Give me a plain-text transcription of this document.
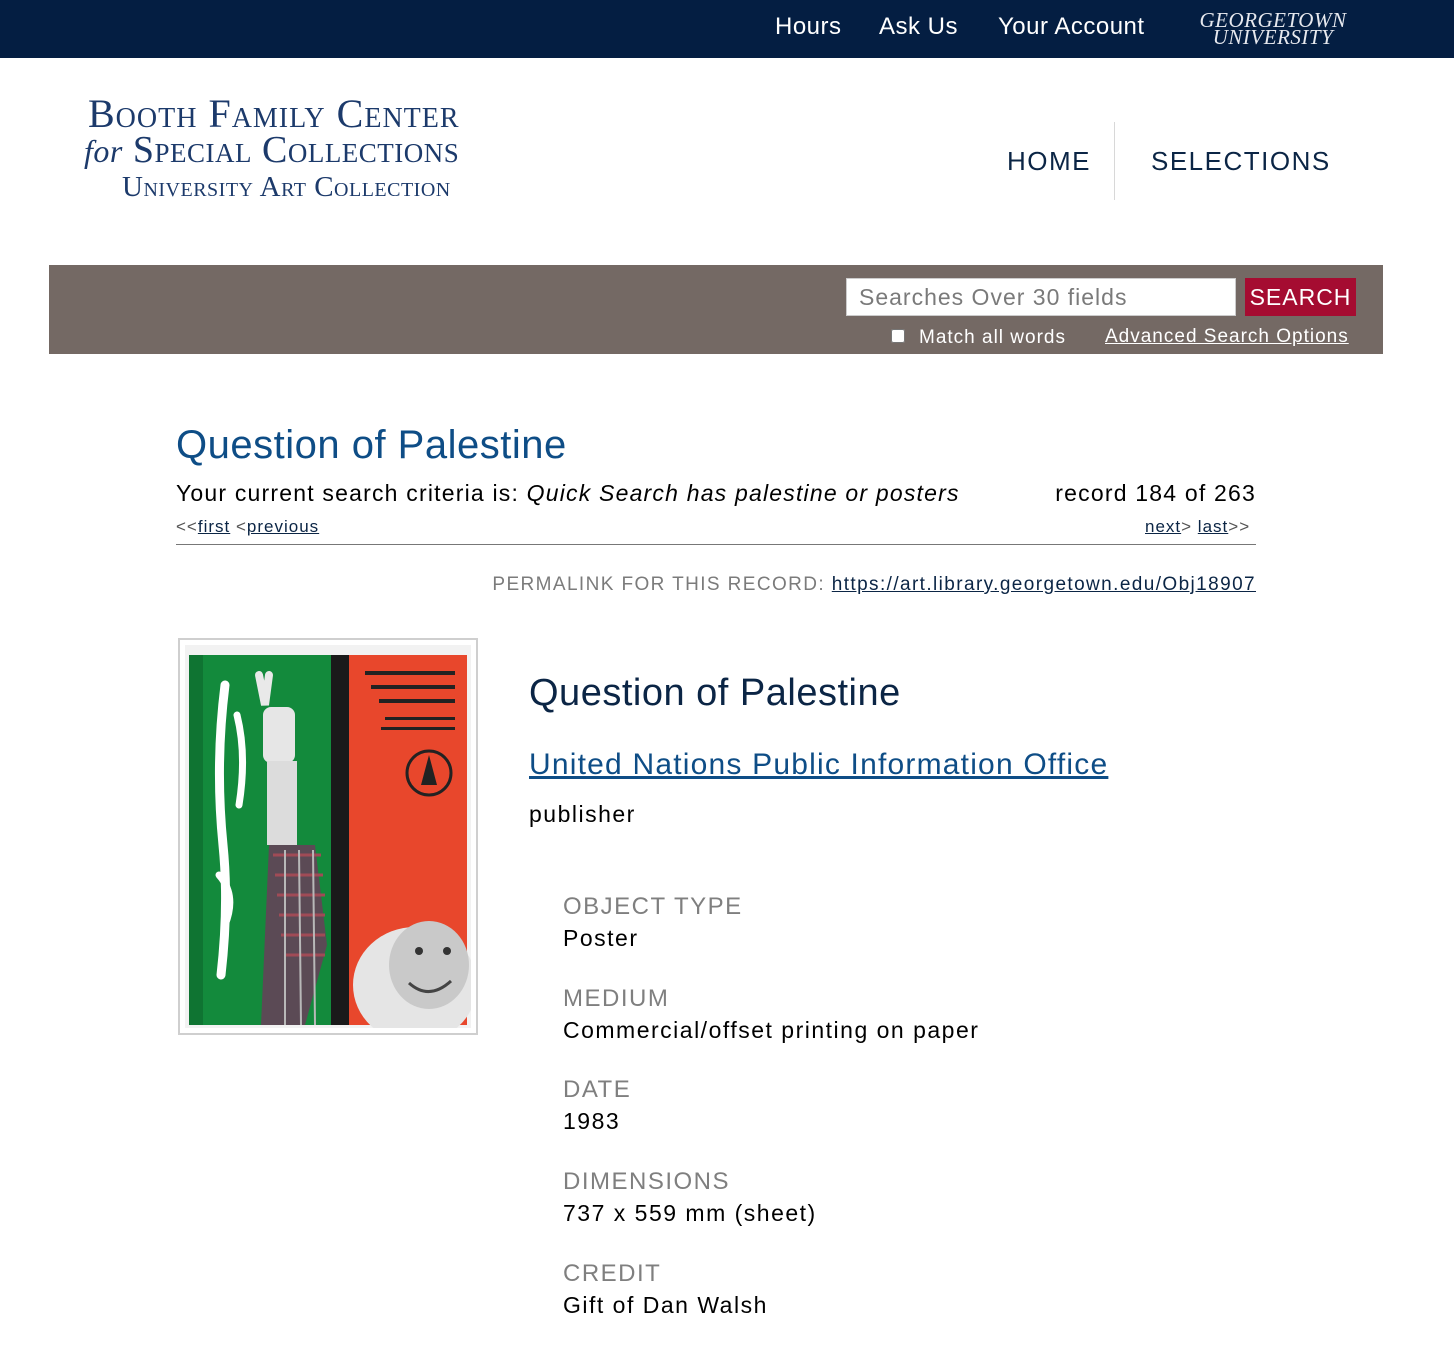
Hours Ask Us Your Account	GEORGETOWN
UNIVERSITY
Booth Family Center
for Special Collections
University Art Collection
HOME SELECTIONS
Searches Over 30 fields
SEARCH
Match all words Advanced Search Options
Question of Palestine
Your current search criteria is: Quick Search has palestine or posters	record 184 of 263
<<first <previous	next> last>>
PERMALINK FOR THIS RECORD: https://art.library.georgetown.edu/Obj18907
Question of Palestine
United Nations Public Information Office
publisher
OBJECT TYPE
Poster
MEDIUM
Commercial/offset printing on paper
DATE
1983
DIMENSIONS
737 x 559 mm (sheet)
CREDIT
Gift of Dan Walsh
